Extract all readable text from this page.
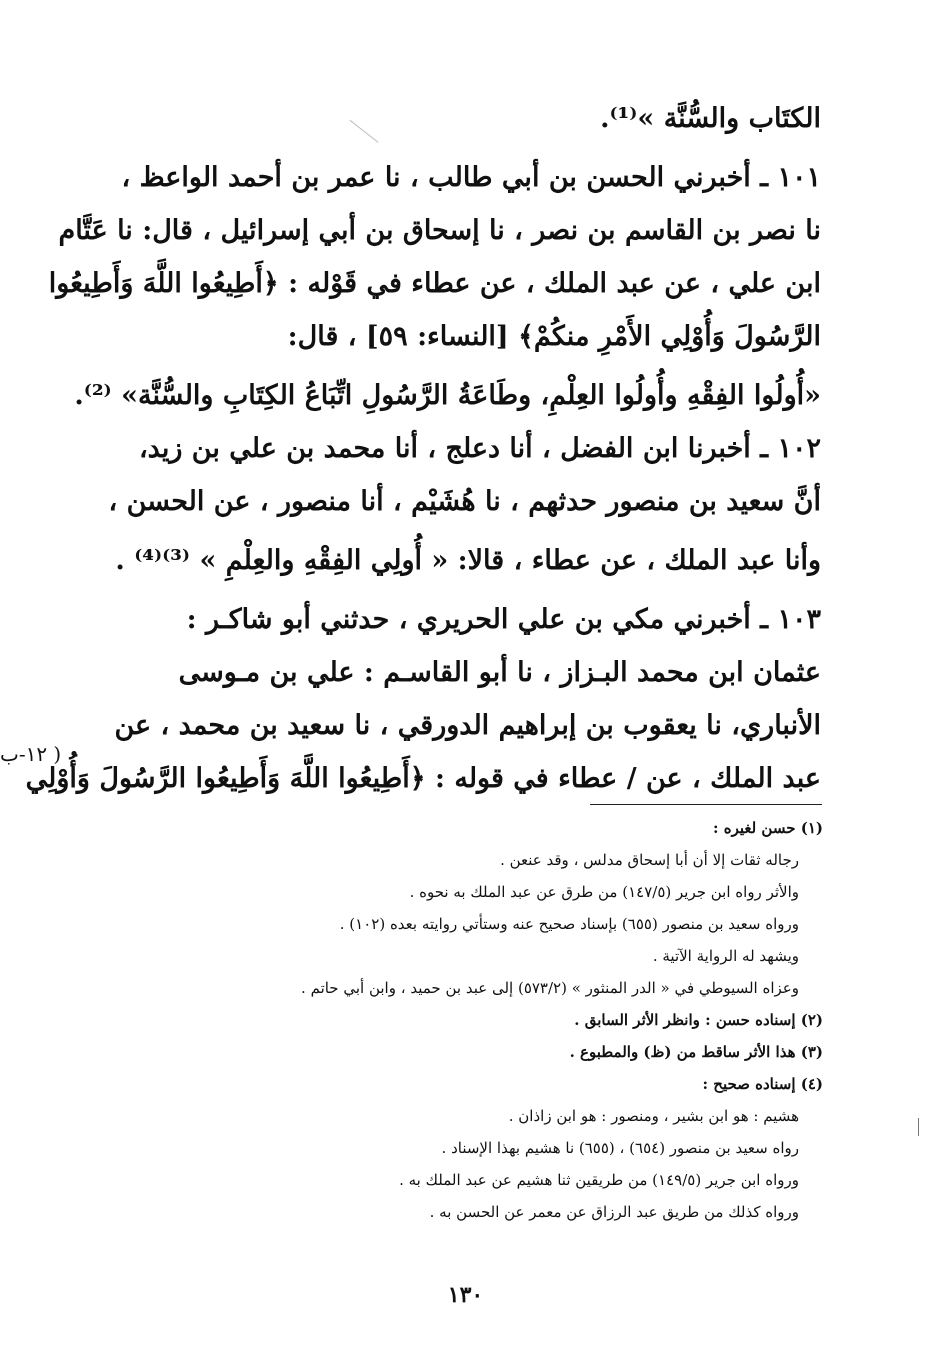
الكتَاب والسُّنَّة »⁽¹⁾.
١٠١ ـ أخبرني الحسن بن أبي طالب ، نا عمر بن أحمد الواعظ ،
نا نصر بن القاسم بن نصر ، نا إسحاق بن أبي إسرائيل ، قال: نا عَتَّام
ابن علي ، عن عبد الملك ، عن عطاء في قَوْله : ﴿أَطِيعُوا اللَّهَ وَأَطِيعُوا
الرَّسُولَ وَأُوْلِي الأَمْرِ منكُمْ﴾ [النساء: ٥٩] ، قال:
«أُولُوا الفِقْهِ وأُولُوا العِلْمِ، وطَاعَةُ الرَّسُولِ اتِّبَاعُ الكِتَابِ والسُّنَّة» ⁽²⁾.
١٠٢ ـ أخبرنا ابن الفضل ، أنا دعلج ، أنا محمد بن علي بن زيد،
أنَّ سعيد بن منصور حدثهم ، نا هُشَيْم ، أنا منصور ، عن الحسن ،
وأنا عبد الملك ، عن عطاء ، قالا: « أُولِي الفِقْهِ والعِلْمِ » ⁽³⁾⁽⁴⁾ .
١٠٣ ـ أخبرني مكي بن علي الحريري ، حدثني أبو شاكـر :
عثمان ابن محمد البـزاز ، نا أبو القاسـم : علي بن مـوسى
الأنباري، نا يعقوب بن إبراهيم الدورقي ، نا سعيد بن محمد ، عن
عبد الملك ، عن / عطاء في قوله : ﴿أَطِيعُوا اللَّهَ وَأَطِيعُوا الرَّسُولَ وَأُوْلِي
( ١٢-ب
(١) حسن لغيره :
رجاله ثقات إلا أن أبا إسحاق مدلس ، وقد عنعن .
والأثر رواه ابن جرير (١٤٧/٥) من طرق عن عبد الملك به نحوه .
ورواه سعيد بن منصور (٦٥٥) بإسناد صحيح عنه وستأتي روايته بعده (١٠٢) .
ويشهد له الرواية الآتية .
وعزاه السيوطي في « الدر المنثور » (٥٧٣/٢) إلى عبد بن حميد ، وابن أبي حاتم .
(٢) إسناده حسن : وانظر الأثر السابق .
(٣) هذا الأثر ساقط من (ظ) والمطبوع .
(٤) إسناده صحيح :
هشيم : هو ابن بشير ، ومنصور : هو ابن زاذان .
رواه سعيد بن منصور (٦٥٤) ، (٦٥٥) نا هشيم بهذا الإسناد .
ورواه ابن جرير (١٤٩/٥) من طريقين ثنا هشيم عن عبد الملك به .
ورواه كذلك من طريق عبد الرزاق عن معمر عن الحسن به .
١٣٠
